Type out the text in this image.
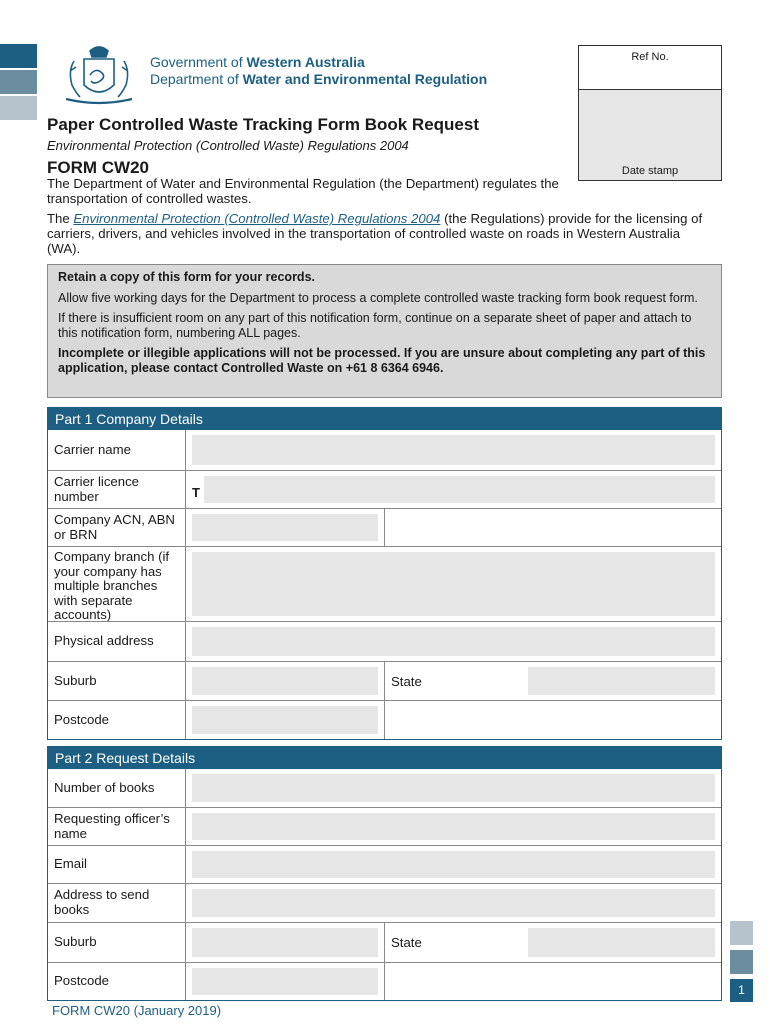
Government of Western Australia
Department of Water and Environmental Regulation
Ref No.
Date stamp
Paper Controlled Waste Tracking Form Book Request
Environmental Protection (Controlled Waste) Regulations 2004
FORM CW20
The Department of Water and Environmental Regulation (the Department) regulates the transportation of controlled wastes.
The Environmental Protection (Controlled Waste) Regulations 2004 (the Regulations) provide for the licensing of carriers, drivers, and vehicles involved in the transportation of controlled waste on roads in Western Australia (WA).

Retain a copy of this form for your records.

Allow five working days for the Department to process a complete controlled waste tracking form book request form.

If there is insufficient room on any part of this notification form, continue on a separate sheet of paper and attach to this notification form, numbering ALL pages.

Incomplete or illegible applications will not be processed. If you are unsure about completing any part of this application, please contact Controlled Waste on +61 8 6364 6946.

Part 1 Company Details
Carrier name
Carrier licence number	T
Company ACN, ABN or BRN
Company branch (if your company has multiple branches with separate accounts)
Physical address
Suburb	State
Postcode
Part 2 Request Details
Number of books
Requesting officer’s name
Email
Address to send books
Suburb	State
Postcode
1
FORM CW20 (January 2019)
